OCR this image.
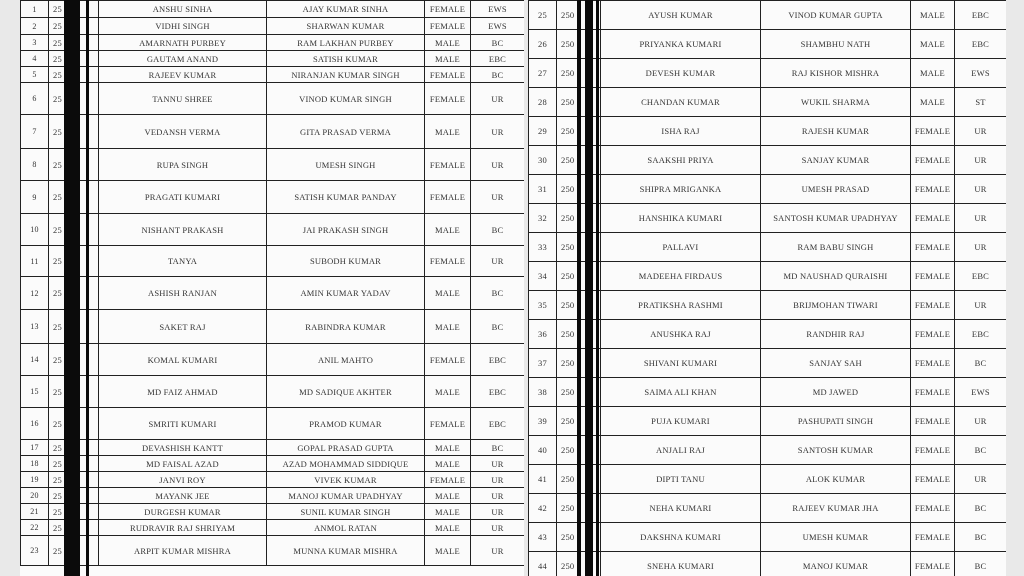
1	25	ANSHU SINHA	AJAY KUMAR SINHA	FEMALE	EWS
2	25	VIDHI SINGH	SHARWAN KUMAR	FEMALE	EWS
3	25	AMARNATH PURBEY	RAM LAKHAN PURBEY	MALE	BC
4	25	GAUTAM ANAND	SATISH KUMAR	MALE	EBC
5	25	RAJEEV KUMAR	NIRANJAN KUMAR SINGH	FEMALE	BC
6	25	TANNU SHREE	VINOD KUMAR SINGH	FEMALE	UR
7	25	VEDANSH VERMA	GITA PRASAD VERMA	MALE	UR
8	25	RUPA SINGH	UMESH SINGH	FEMALE	UR
9	25	PRAGATI KUMARI	SATISH KUMAR PANDAY	FEMALE	UR
10	25	NISHANT PRAKASH	JAI PRAKASH SINGH	MALE	BC
11	25	TANYA	SUBODH KUMAR	FEMALE	UR
12	25	ASHISH RANJAN	AMIN KUMAR YADAV	MALE	BC
13	25	SAKET RAJ	RABINDRA KUMAR	MALE	BC
14	25	KOMAL KUMARI	ANIL MAHTO	FEMALE	EBC
15	25	MD FAIZ AHMAD	MD SADIQUE AKHTER	MALE	EBC
16	25	SMRITI KUMARI	PRAMOD KUMAR	FEMALE	EBC
17	25	DEVASHISH KANTT	GOPAL PRASAD GUPTA	MALE	BC
18	25	MD FAISAL AZAD	AZAD MOHAMMAD SIDDIQUE	MALE	UR
19	25	JANVI ROY	VIVEK KUMAR	FEMALE	UR
20	25	MAYANK JEE	MANOJ KUMAR UPADHYAY	MALE	UR
21	25	DURGESH KUMAR	SUNIL KUMAR SINGH	MALE	UR
22	25	RUDRAVIR RAJ SHRIYAM	ANMOL RATAN	MALE	UR
23	25	ARPIT KUMAR MISHRA	MUNNA KUMAR MISHRA	MALE	UR
25	250	AYUSH KUMAR	VINOD KUMAR GUPTA	MALE	EBC
26	250	PRIYANKA KUMARI	SHAMBHU NATH	MALE	EBC
27	250	DEVESH KUMAR	RAJ KISHOR MISHRA	MALE	EWS
28	250	CHANDAN KUMAR	WUKIL SHARMA	MALE	ST
29	250	ISHA RAJ	RAJESH KUMAR	FEMALE	UR
30	250	SAAKSHI PRIYA	SANJAY KUMAR	FEMALE	UR
31	250	SHIPRA MRIGANKA	UMESH PRASAD	FEMALE	UR
32	250	HANSHIKA KUMARI	SANTOSH KUMAR UPADHYAY	FEMALE	UR
33	250	PALLAVI	RAM BABU SINGH	FEMALE	UR
34	250	MADEEHA FIRDAUS	MD NAUSHAD QURAISHI	FEMALE	EBC
35	250	PRATIKSHA RASHMI	BRIJMOHAN TIWARI	FEMALE	UR
36	250	ANUSHKA RAJ	RANDHIR RAJ	FEMALE	EBC
37	250	SHIVANI KUMARI	SANJAY SAH	FEMALE	BC
38	250	SAIMA ALI KHAN	MD JAWED	FEMALE	EWS
39	250	PUJA KUMARI	PASHUPATI SINGH	FEMALE	UR
40	250	ANJALI RAJ	SANTOSH KUMAR	FEMALE	BC
41	250	DIPTI TANU	ALOK KUMAR	FEMALE	UR
42	250	NEHA KUMARI	RAJEEV KUMAR JHA	FEMALE	BC
43	250	DAKSHNA KUMARI	UMESH KUMAR	FEMALE	BC
44	250	SNEHA KUMARI	MANOJ KUMAR	FEMALE	BC
